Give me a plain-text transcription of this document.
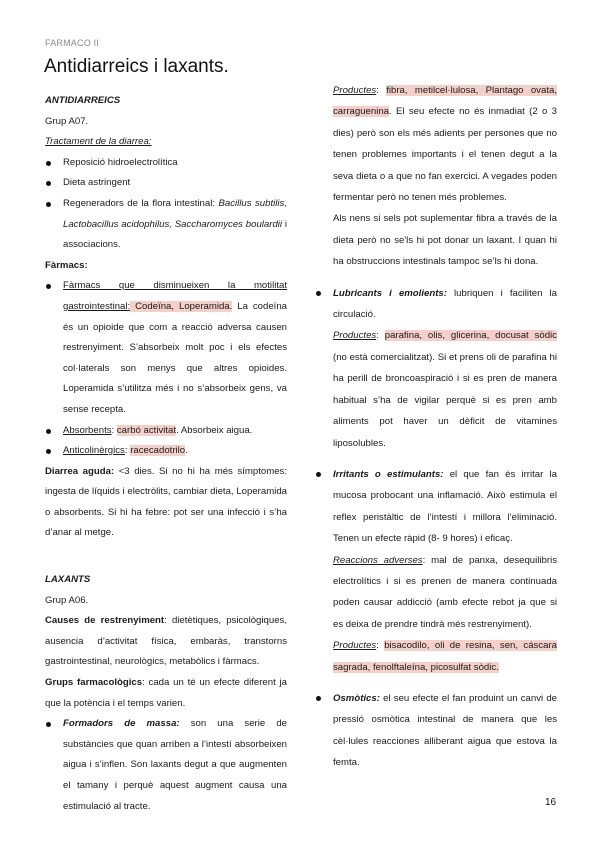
FARMACO II
Antidiarreics i laxants.

ANTIDIARREICS

Grup A07.

Tractament de la diarrea:

Reposició hidroelectrolítica
Dieta astringent
Regeneradors de la flora intestinal: Bacillus subtilis, Lactobacillus acidophilus, Saccharomyces boulardii i associacions.

Fàrmacs:

Fàrmacs que disminueixen la motilitat gastrointestinal: Codeïna, Loperamida. La codeïna és un opioide que com a reacció adversa causen restrenyiment. S’absorbeix molt poc i els efectes col·laterals son menys que altres opioides. Loperamida s’utilitza més i no s’absorbeix gens, va sense recepta.
Absorbents: carbó activitat. Absorbeix aigua.
Anticolinèrgics: racecadotrilo.

Diarrea aguda: <3 dies. Si no hi ha més símptomes: ingesta de líquids i electròlits, cambiar dieta, Loperamida o absorbents. Si hi ha febre: pot ser una infecció i s’ha d’anar al metge.

LAXANTS

Grup A06.

Causes de restrenyiment: dietètiques, psicològiques, ausencia d’activitat física, embaràs, transtorns gastrointestinal, neurològics, metabòlics i fàrmacs.

Grups farmacològics: cada un té un efecte diferent ja que la potència i el temps varien.

Formadors de massa: son una serie de substàncies que quan arriben a l’intestí absorbeixen aigua i s’inflen. Son laxants degut a que augmenten el tamany i perquè aquest augment causa una estimulació al tracte.

Productes: fibra, metilcel·lulosa, Plantago ovata, carraguenina. El seu efecte no és inmadiat (2 o 3 dies) però son els més adients per persones que no tenen problemes importants i el tenen degut a la seva dieta o a que no fan exercici. A vegades poden fermentar però no tenen més problemes.

Als nens si sels pot suplementar fibra a través de la dieta però no se'ls hi pot donar un laxant. I quan hi ha obstruccions intestinals tampoc se’ls hi dona.

Lubricants i emolients: lubriquen i faciliten la circulació.

Productes: parafina, olis, glicerina, docusat sòdic (no està comercialitzat). Si et prens oli de parafina hi ha perill de broncoaspiració i si es pren de manera habitual s’ha de vigilar perquè si es pren amb aliments pot haver un dèficit de vitamines liposolubles.

Irritants o estimulants: el que fan és irritar la mucosa probocant una inflamació. Això estimula el reflex peristàltic de l’intestí i millora l’eliminació. Tenen un efecte ràpid (8- 9 hores) i eficaç.

Reaccions adverses: mal de panxa, desequilibris electrolítics i si es prenen de manera continuada poden causar addicció (amb efecte rebot ja que si es deixa de prendre tindrà més restrenyiment).

Productes: bisacodilo, oli de resina, sen, cáscara sagrada, fenolftaleína, picosulfat sòdic.

Osmòtics: el seu efecte el fan produint un canvi de pressió osmòtica intestinal de manera que les cèl·lules reacciones alliberant aigua que estova la femta.

16
